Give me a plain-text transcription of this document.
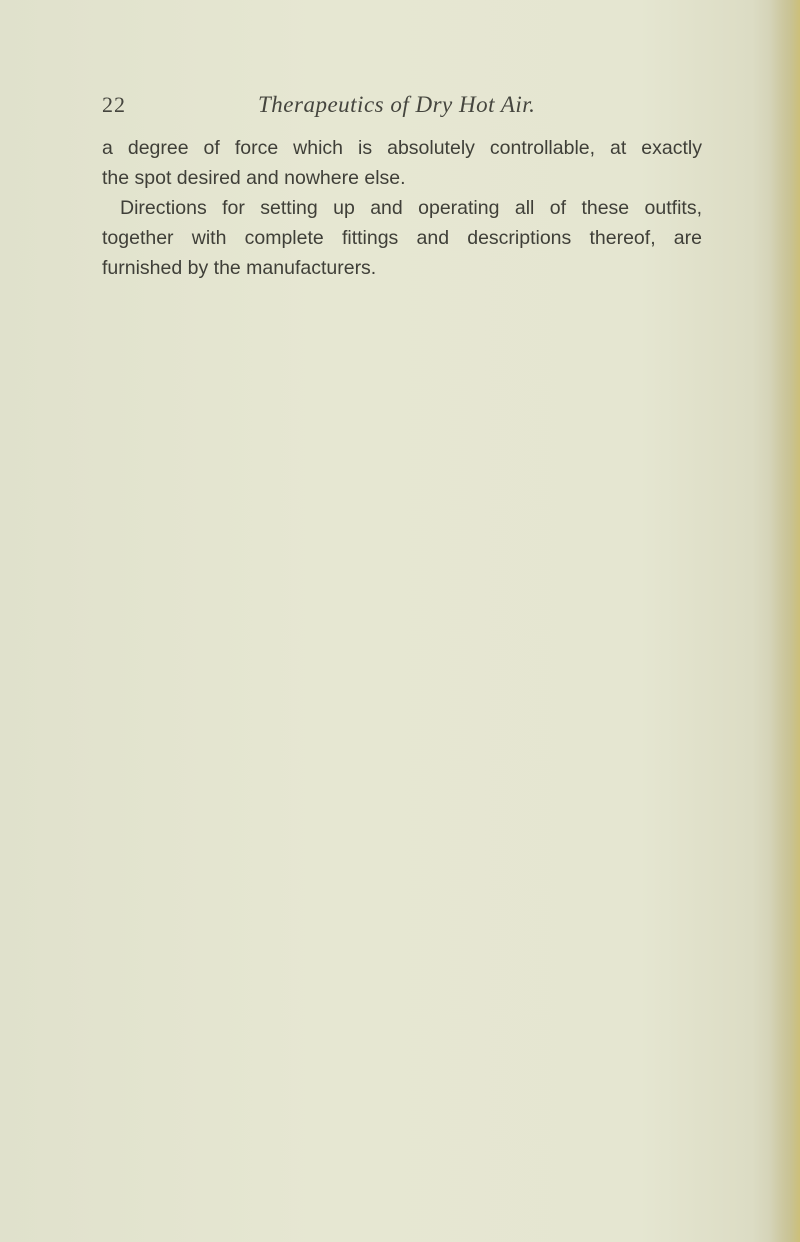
22	Therapeutics of Dry Hot Air.
a degree of force which is absolutely controllable, at exactly
the spot desired and nowhere else.
Directions for setting up and operating all of these outfits,
together with complete fittings and descriptions thereof, are
furnished by the manufacturers.
